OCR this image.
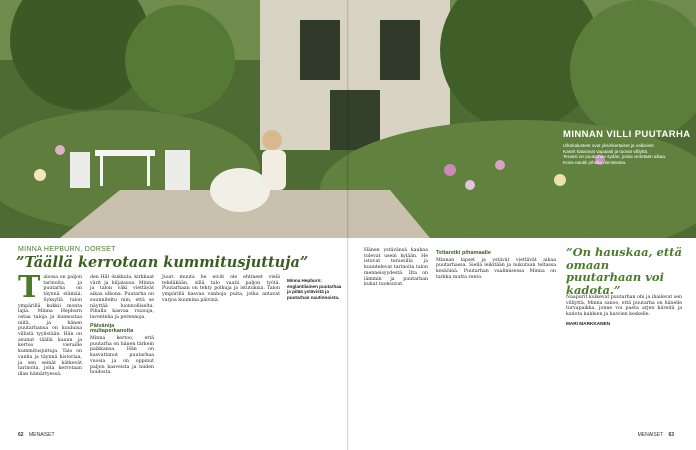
MINNAN VILLI PUUTARHA

Ulkokalusteet ovat yksinkertaiset ja valkoiset.
Kasvit kasvavat vapaasti ja tuovat villiyttä.
Terassi on puutarhan sydän, jossa vietetään aikaa.
Koira nauttii pihalla olemisesta.
MINNA HEPBURN, DORSET
”Täällä kerrotaan kummitusjuttuja”
T alossa on paljon tarinoita, ja puutarha on täynnä elämää. Syksyllä talon ympärillä kukkii monta lajia. Minna Hepburn ostaa taloja ja kunnostaa niitä, ja hänen puutarhansa on kuuluisa villistä tyylistään. Hän on asunut täällä kauan ja kertoo vieraille kummitusjuttuja. Talo on vanha ja täynnä historiaa, ja sen seinät kätkevät tarinoita, joita kerrotaan illan hämärtyessä.
den Hill -kukkula, kirkkaat värit ja hiljaisuus. Minna ja talon väki viettävät aikaa ulkona. Puutarha on suunniteltu niin, että se näyttää luonnolliselta. Pihalla kasvaa ruusuja, laventelia ja perennoja.
Päivänija multaperkanoita
Minna kertoo, että puutarha on hänen tärkein paikkansa. Hän on kasvattanut puutarhaa vuosia ja on oppinut paljon kasveista ja niiden hoidosta.
Juuri muuta he eivät ole ehtineet vielä tehdäkään, sillä talo vaatii paljon työtä. Puutarhaan on tehty polkuja ja istutuksia. Talon ympärillä kasvaa vanhoja puita, jotka antavat varjoa kuumina päivinä.
Minna Hepburn: englantilainen puutarhaa ja pitää ystävistä ja puutarhan nautinnoista.
Hänen ystävänsä kaukaa tulevat usein kylään. He istuvat terassilla ja kuuntelevat tarinoita talon menneisyydestä. Ilta on lämmin ja puutarhan kukat tuoksuvat.
Teltaretki pihamaalle
Minnan lapset ja ystävät viettävät aikaa puutarhassa. Siellä leikitään ja nukutaan teltassa kesäöinä. Puutarhan vaalimisessa Minna on tarkka mutta rento.

”On hauskaa, että omaan puutarhaan voi kadota.”

Naapurit kulkevat puutarhan ohi ja ihailevat sen villiyttä. Minna sanoo, että puutarha on hänelle turvapaikka, jonne voi paeta arjen kiireitä ja kadota kukkien ja kasvien keskelle.
MARI MARKKANEN
62 MENAISET	MENAISET 63
